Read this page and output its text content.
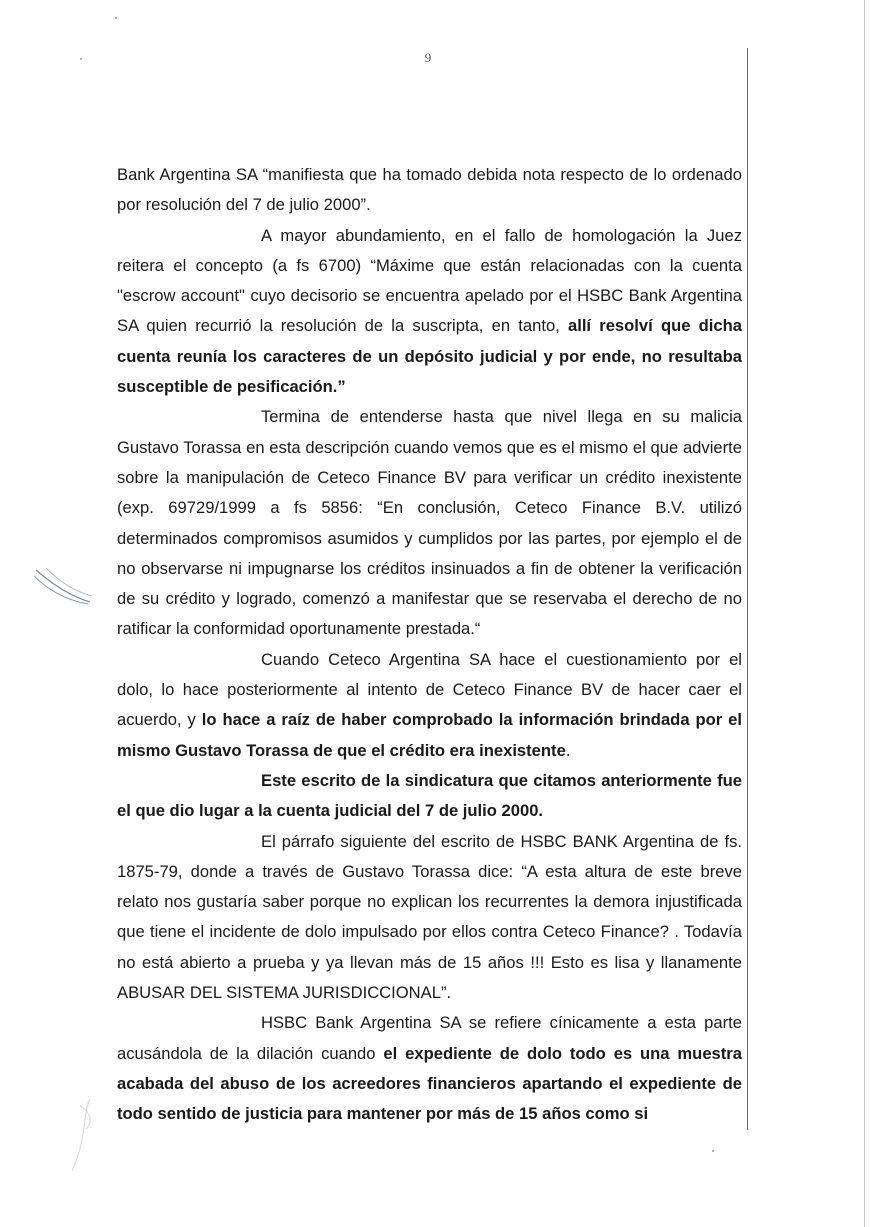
9

Bank Argentina SA “manifiesta que ha tomado debida nota respecto de lo ordenado por resolución del 7 de julio 2000”.

A mayor abundamiento, en el fallo de homologación la Juez reitera el concepto (a fs 6700) “Máxime que están relacionadas con la cuenta "escrow account" cuyo decisorio se encuentra apelado por el HSBC Bank Argentina SA quien recurrió la resolución de la suscripta, en tanto, allí resolví que dicha cuenta reunía los caracteres de un depósito judicial y por ende, no resultaba susceptible de pesificación.”

Termina de entenderse hasta que nivel llega en su malicia Gustavo Torassa en esta descripción cuando vemos que es el mismo el que advierte sobre la manipulación de Ceteco Finance BV para verificar un crédito inexistente (exp. 69729/1999 a fs 5856: “En conclusión, Ceteco Finance B.V. utilizó determinados compromisos asumidos y cumplidos por las partes, por ejemplo el de no observarse ni impugnarse los créditos insinuados a fin de obtener la verificación de su crédito y logrado, comenzó a manifestar que se reservaba el derecho de no ratificar la conformidad oportunamente prestada.“

Cuando Ceteco Argentina SA hace el cuestionamiento por el dolo, lo hace posteriormente al intento de Ceteco Finance BV de hacer caer el acuerdo, y lo hace a raíz de haber comprobado la información brindada por el mismo Gustavo Torassa de que el crédito era inexistente.

Este escrito de la sindicatura que citamos anteriormente fue el que dio lugar a la cuenta judicial del 7 de julio 2000.

El párrafo siguiente del escrito de HSBC BANK Argentina de fs. 1875-79, donde a través de Gustavo Torassa dice: “A esta altura de este breve relato nos gustaría saber porque no explican los recurrentes la demora injustificada que tiene el incidente de dolo impulsado por ellos contra Ceteco Finance? . Todavía no está abierto a prueba y ya llevan más de 15 años !!! Esto es lisa y llanamente ABUSAR DEL SISTEMA JURISDICCIONAL”.

HSBC Bank Argentina SA se refiere cínicamente a esta parte acusándola de la dilación cuando el expediente de dolo todo es una muestra acabada del abuso de los acreedores financieros apartando el expediente de todo sentido de justicia para mantener por más de 15 años como si
